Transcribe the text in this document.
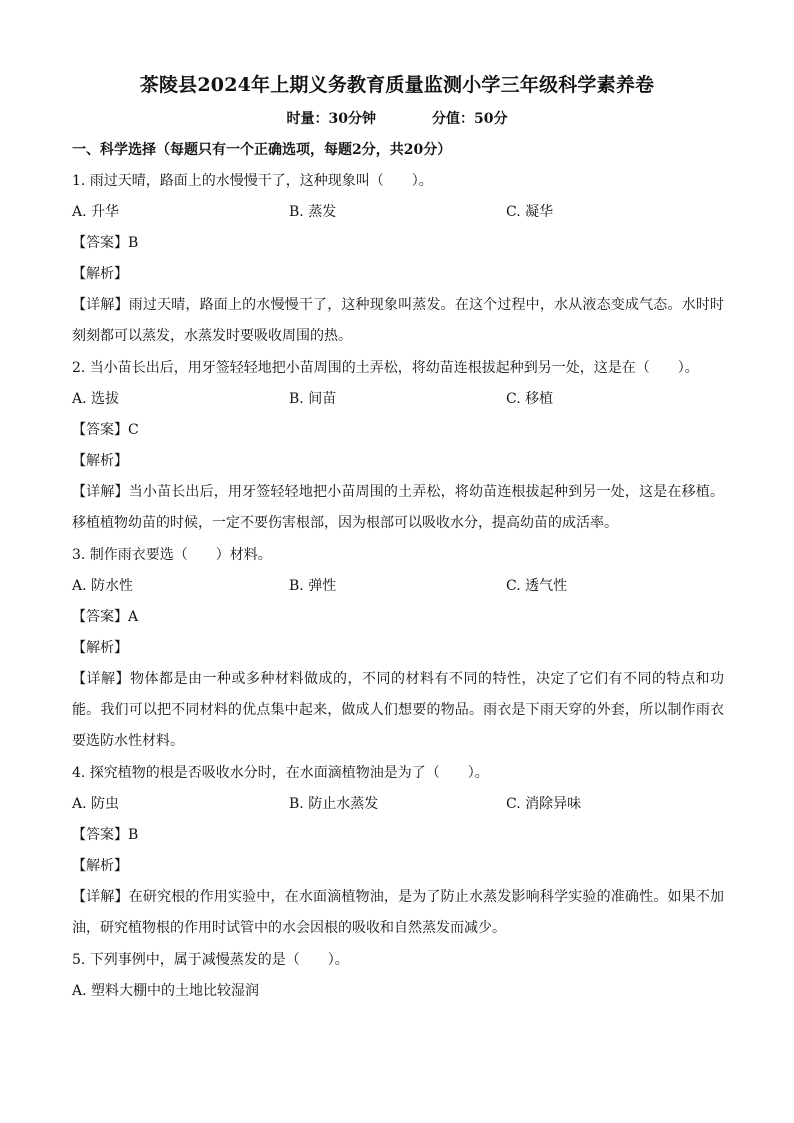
茶陵县2024年上期义务教育质量监测小学三年级科学素养卷
时量：30分钟	分值：50分
一、科学选择（每题只有一个正确选项，每题2分，共20分）
1. 雨过天晴，路面上的水慢慢干了，这种现象叫（　　）。
A. 升华	B. 蒸发	C. 凝华
【答案】B
【解析】
【详解】雨过天晴，路面上的水慢慢干了，这种现象叫蒸发。在这个过程中，水从液态变成气态。水时时刻刻都可以蒸发，水蒸发时要吸收周围的热。
2. 当小苗长出后，用牙签轻轻地把小苗周围的土弄松，将幼苗连根拔起种到另一处，这是在（　　）。
A. 选拔	B. 间苗	C. 移植
【答案】C
【解析】
【详解】当小苗长出后，用牙签轻轻地把小苗周围的土弄松，将幼苗连根拔起种到另一处，这是在移植。移植植物幼苗的时候，一定不要伤害根部，因为根部可以吸收水分，提高幼苗的成活率。
3. 制作雨衣要选（　　）材料。
A. 防水性	B. 弹性	C. 透气性
【答案】A
【解析】
【详解】物体都是由一种或多种材料做成的，不同的材料有不同的特性，决定了它们有不同的特点和功能。我们可以把不同材料的优点集中起来，做成人们想要的物品。雨衣是下雨天穿的外套，所以制作雨衣要选防水性材料。
4. 探究植物的根是否吸收水分时，在水面滴植物油是为了（　　）。
A. 防虫	B. 防止水蒸发	C. 消除异味
【答案】B
【解析】
【详解】在研究根的作用实验中，在水面滴植物油，是为了防止水蒸发影响科学实验的准确性。如果不加油，研究植物根的作用时试管中的水会因根的吸收和自然蒸发而减少。
5. 下列事例中，属于减慢蒸发的是（　　）。
A. 塑料大棚中的土地比较湿润
